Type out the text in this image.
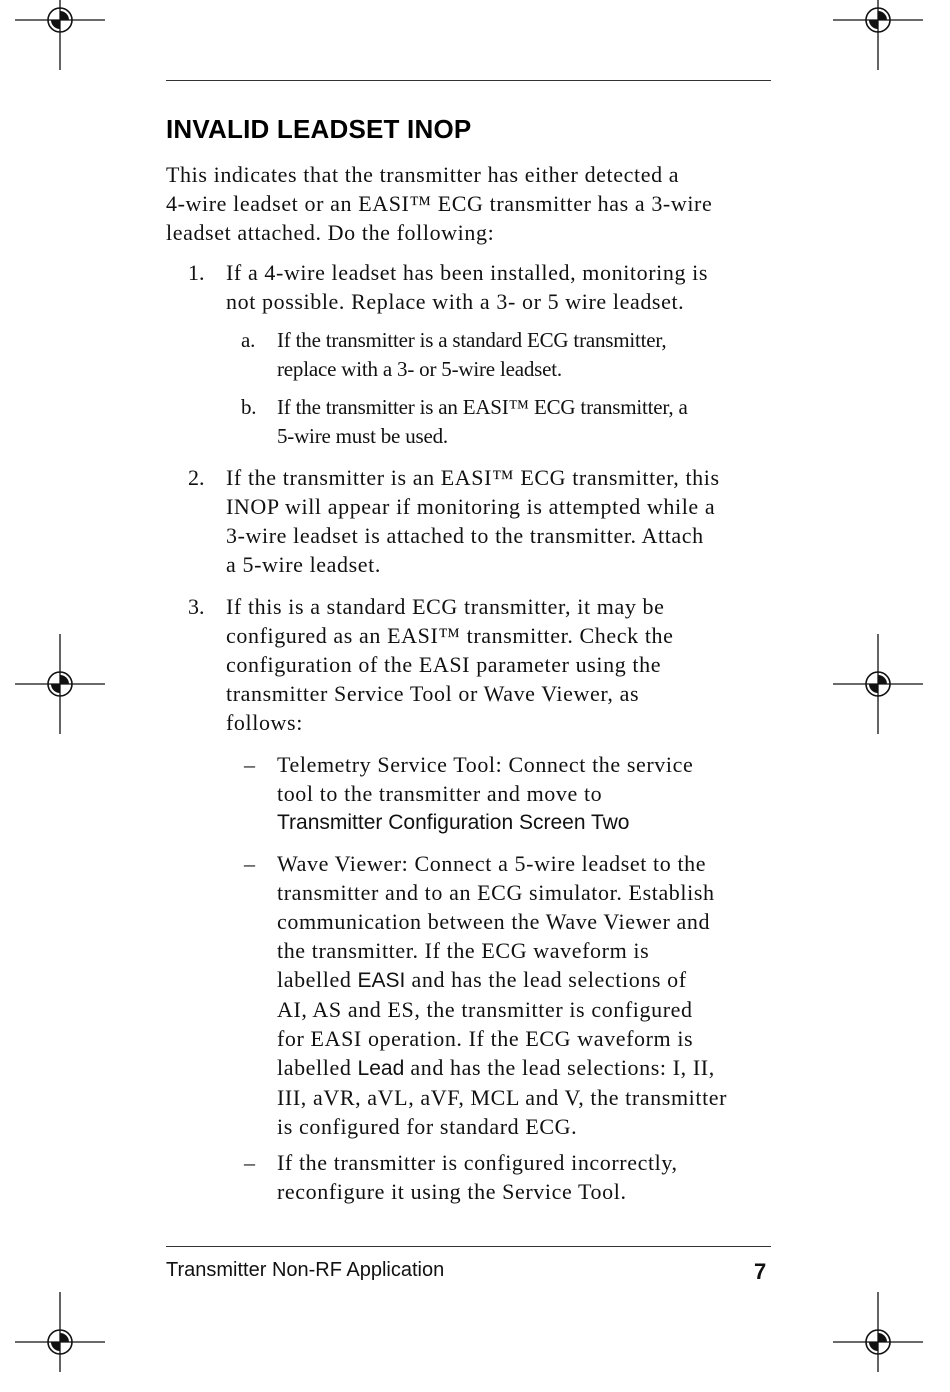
INVALID LEADSET INOP

This indicates that the transmitter has either detected a

4-wire leadset or an EASI™ ECG transmitter has a 3-wire

leadset attached. Do the following:

1. If a 4-wire leadset has been installed, monitoring is

not possible. Replace with a 3- or 5 wire leadset.

a. If the transmitter is a standard ECG transmitter,
replace with a 3- or 5-wire leadset.
b. If the transmitter is an EASI™ ECG transmitter, a
5-wire must be used.
2. If the transmitter is an EASI™ ECG transmitter, this

INOP will appear if monitoring is attempted while a

3-wire leadset is attached to the transmitter. Attach

a 5-wire leadset.

3. If this is a standard ECG transmitter, it may be

configured as an EASI™ transmitter. Check the

configuration of the EASI parameter using the

transmitter Service Tool or Wave Viewer, as

follows:

– Telemetry Service Tool: Connect the service

tool to the transmitter and move to

Transmitter Configuration Screen Two

– Wave Viewer: Connect a 5-wire leadset to the

transmitter and to an ECG simulator. Establish

communication between the Wave Viewer and

the transmitter. If the ECG waveform is

labelled EASI and has the lead selections of

AI, AS and ES, the transmitter is configured

for EASI operation. If the ECG waveform is

labelled Lead and has the lead selections: I, II,

III, aVR, aVL, aVF, MCL and V, the transmitter

is configured for standard ECG.

– If the transmitter is configured incorrectly,

reconfigure it using the Service Tool.

Transmitter Non-RF Application	7
